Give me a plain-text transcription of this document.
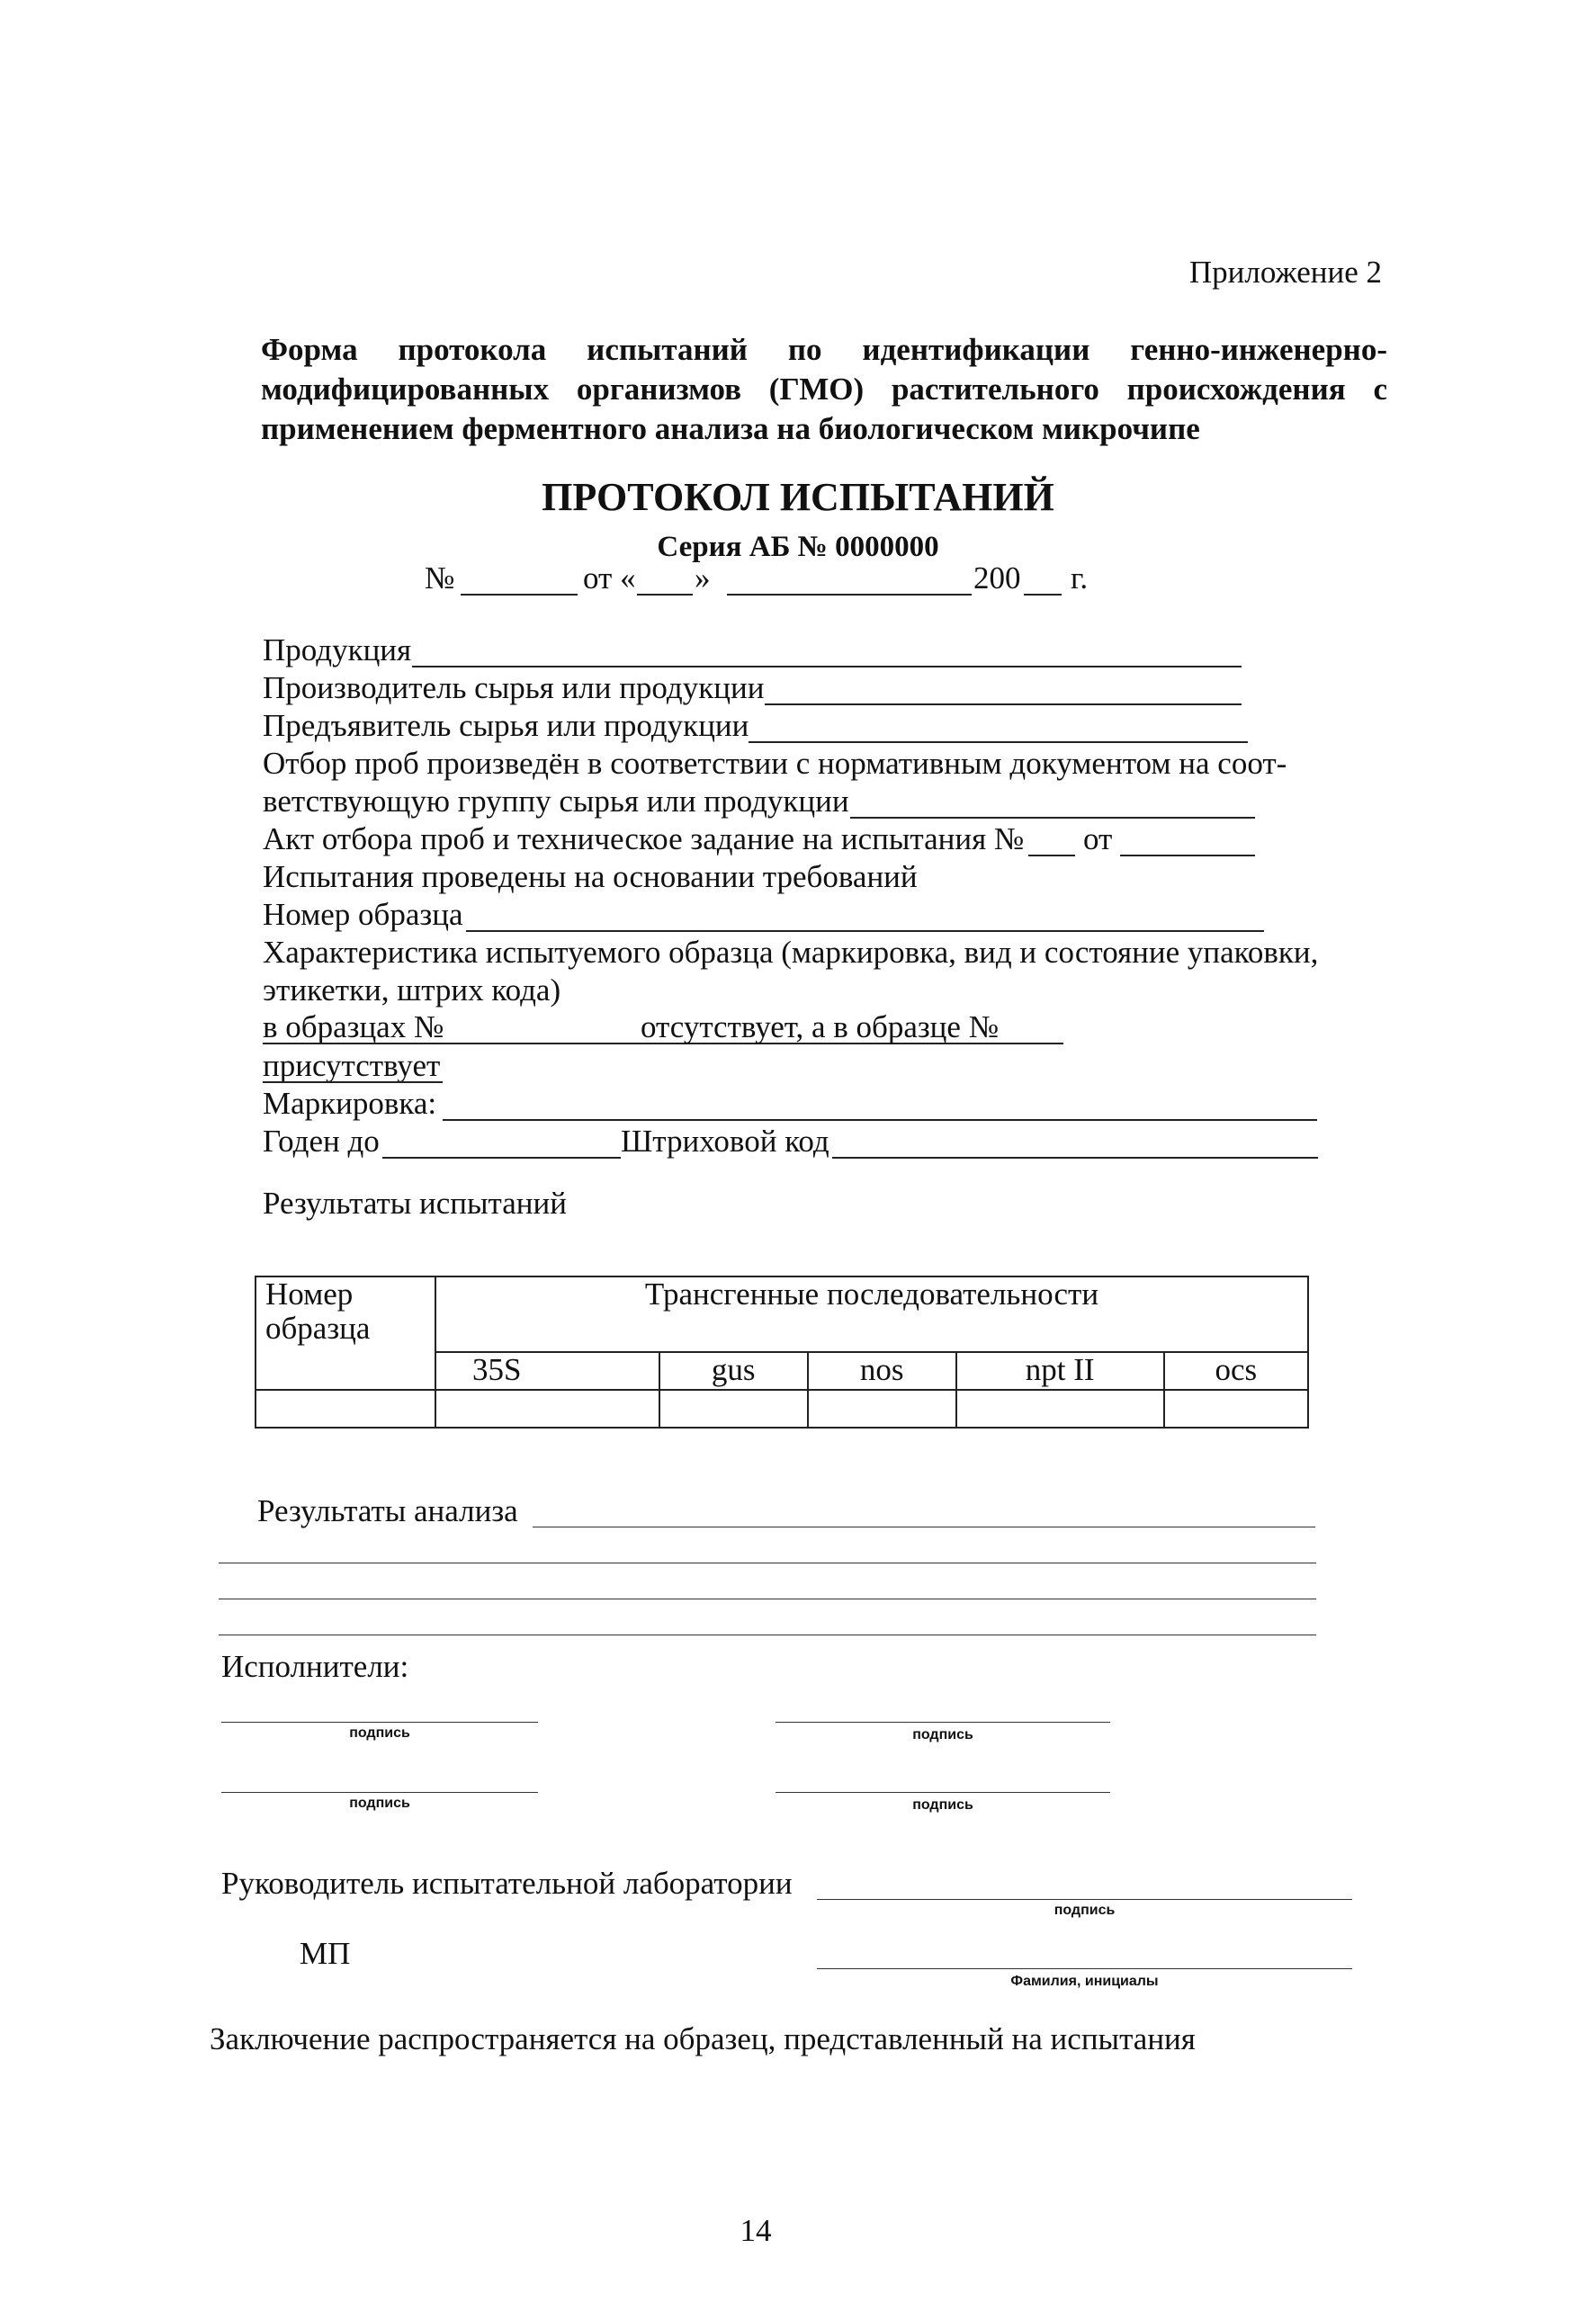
Приложение 2
Форма протокола испытаний по идентификации генно-инженерно-модифицированных организмов (ГМО) растительного происхождения с применением ферментного анализа на биологическом микрочипе
ПРОТОКОЛ ИСПЫТАНИЙ
Серия АБ № 0000000
№	от « »	200 г.
Продукция
Производитель сырья или продукции
Предъявитель сырья или продукции
Отбор проб произведён в соответствии с нормативным документом на соот-
ветствующую группу сырья или продукции
Акт отбора проб и техническое задание на испытания № от
Испытания проведены на основании требований
Номер образца
Характеристика испытуемого образца (маркировка, вид и состояние упаковки,
этикетки, штрих кода)
в образцах №	отсутствует, а в образце №
присутствует
Маркировка:
Годен до	Штриховой код
Результаты испытаний
Номер образца	Трансгенные последовательности				
	35S	gus	nos	npt II	ocs

Результаты анализа
Исполнители:
подпись	подпись
подпись	подпись
Руководитель испытательной лаборатории
подпись
МП
Фамилия, инициалы
Заключение распространяется на образец, представленный на испытания
14
